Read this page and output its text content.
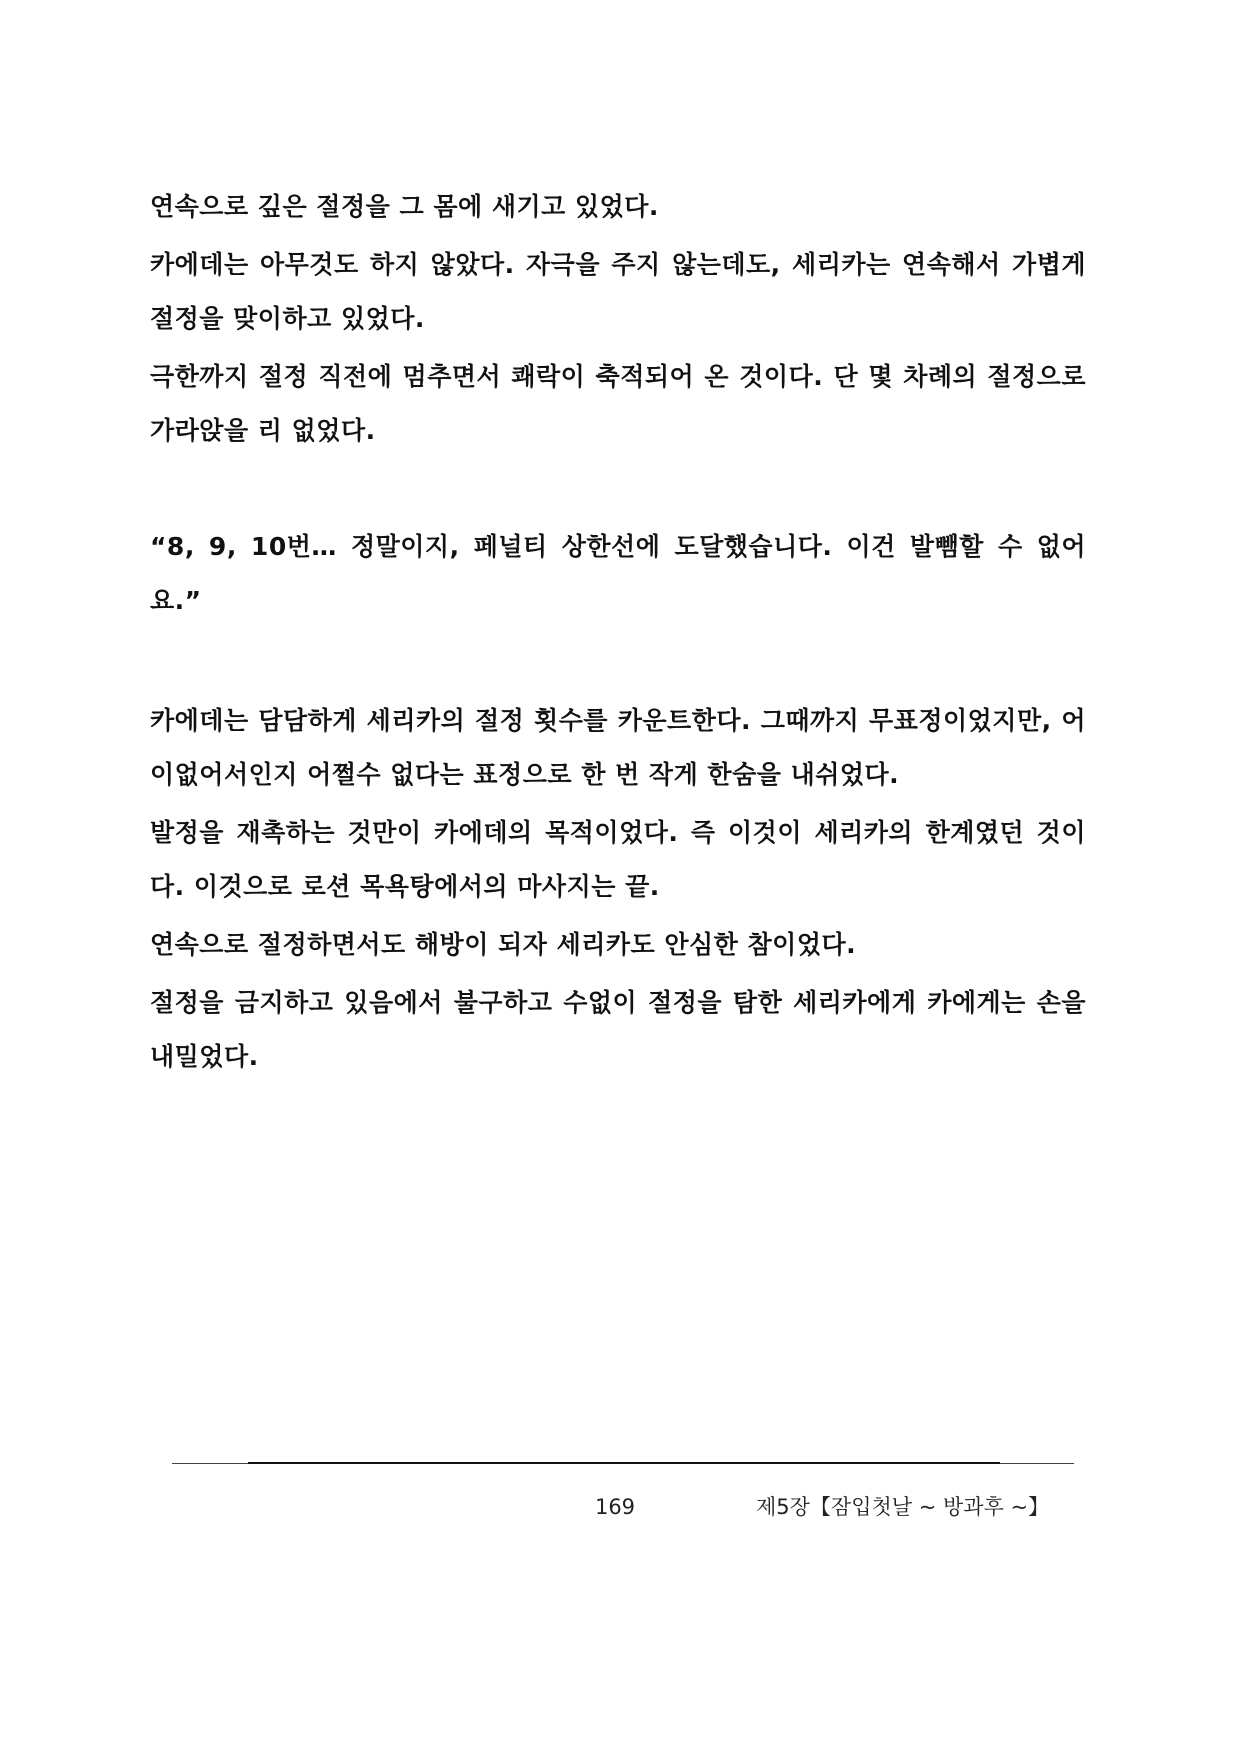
연속으로 깊은 절정을 그 몸에 새기고 있었다.

카에데는 아무것도 하지 않았다. 자극을 주지 않는데도, 세리카는 연속해서 가볍게 절정을 맞이하고 있었다.

극한까지 절정 직전에 멈추면서 쾌락이 축적되어 온 것이다. 단 몇 차례의 절정으로 가라앉을 리 없었다.

“8, 9, 10번… 정말이지, 페널티 상한선에 도달했습니다. 이건 발뺌할 수 없어요.”

카에데는 담담하게 세리카의 절정 횟수를 카운트한다. 그때까지 무표정이었지만, 어이없어서인지 어쩔수 없다는 표정으로 한 번 작게 한숨을 내쉬었다.

발정을 재촉하는 것만이 카에데의 목적이었다. 즉 이것이 세리카의 한계였던 것이다. 이것으로 로션 목욕탕에서의 마사지는 끝.

연속으로 절정하면서도 해방이 되자 세리카도 안심한 참이었다.

절정을 금지하고 있음에서 불구하고 수없이 절정을 탐한 세리카에게 카에게는 손을 내밀었다.

169	제5장【잠입첫날 ~ 방과후 ~】
